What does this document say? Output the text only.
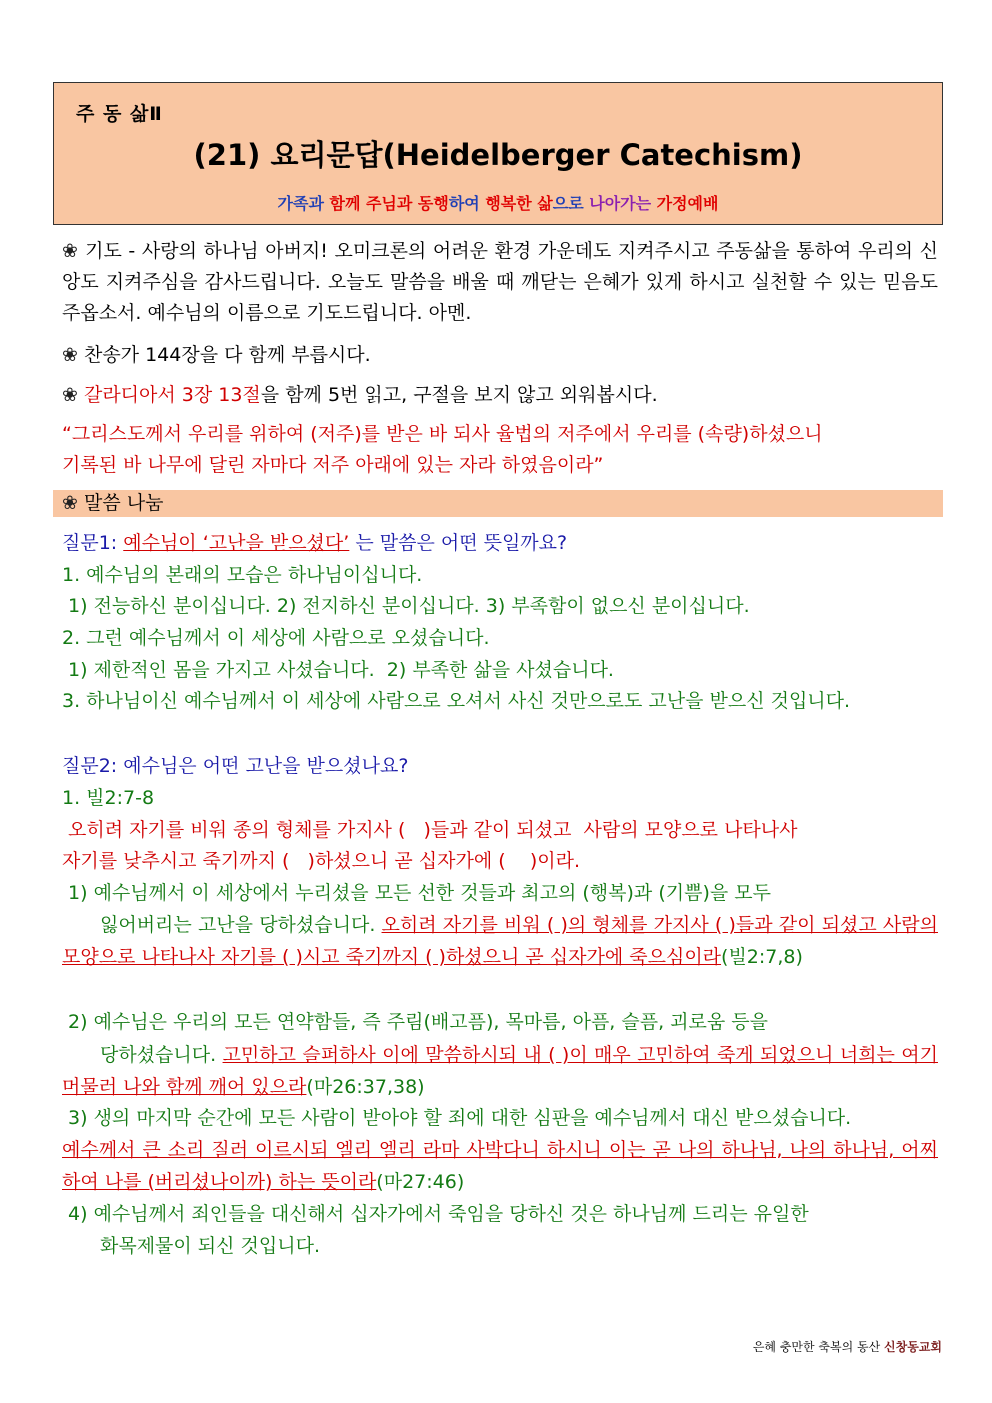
주 동 삶Ⅱ
(21) 요리문답(Heidelberger Catechism)
가족과 함께 주님과 동행하여 행복한 삶으로 나아가는 가정예배
❀ 기도 - 사랑의 하나님 아버지! 오미크론의 어려운 환경 가운데도 지켜주시고 주동삶을 통하여 우리의 신앙도 지켜주심을 감사드립니다. 오늘도 말씀을 배울 때 깨닫는 은혜가 있게 하시고 실천할 수 있는 믿음도 주옵소서. 예수님의 이름으로 기도드립니다. 아멘.
❀ 찬송가 144장을 다 함께 부릅시다.
❀ 갈라디아서 3장 13절을 함께 5번 읽고, 구절을 보지 않고 외워봅시다.
“그리스도께서 우리를 위하여 (저주)를 받은 바 되사 율법의 저주에서 우리를 (속량)하셨으니
기록된 바 나무에 달린 자마다 저주 아래에 있는 자라 하였음이라”
❀ 말씀 나눔
질문1: 예수님이 ‘고난을 받으셨다’ 는 말씀은 어떤 뜻일까요?
1. 예수님의 본래의 모습은 하나님이십니다.
1) 전능하신 분이십니다. 2) 전지하신 분이십니다. 3) 부족함이 없으신 분이십니다.
2. 그런 예수님께서 이 세상에 사람으로 오셨습니다.
1) 제한적인 몸을 가지고 사셨습니다.  2) 부족한 삶을 사셨습니다.
3. 하나님이신 예수님께서 이 세상에 사람으로 오셔서 사신 것만으로도 고난을 받으신 것입니다.
질문2: 예수님은 어떤 고난을 받으셨나요?
1. 빌2:7-8
오히려 자기를 비워 종의 형체를 가지사 (   )들과 같이 되셨고  사람의 모양으로 나타나사
자기를 낮추시고 죽기까지 (   )하셨으니 곧 십자가에 (    )이라.
1) 예수님께서 이 세상에서 누리셨을 모든 선한 것들과 최고의 (행복)과 (기쁨)을 모두
잃어버리는 고난을 당하셨습니다. 오히려 자기를 비워 ( )의 형체를 가지사 ( )들과 같이 되셨고 사람의 모양으로 나타나사 자기를 ( )시고 죽기까지 ( )하셨으니 곧 십자가에 죽으심이라(빌2:7,8)
2) 예수님은 우리의 모든 연약함들, 즉 주림(배고픔), 목마름, 아픔, 슬픔, 괴로움 등을
당하셨습니다. 고민하고 슬퍼하사 이에 말씀하시되 내 ( )이 매우 고민하여 죽게 되었으니 너희는 여기 머물러 나와 함께 깨어 있으라(마26:37,38)
3) 생의 마지막 순간에 모든 사람이 받아야 할 죄에 대한 심판을 예수님께서 대신 받으셨습니다.
예수께서 큰 소리 질러 이르시되 엘리 엘리 라마 사박다니 하시니 이는 곧 나의 하나님, 나의 하나님, 어찌하여 나를 (버리셨나이까) 하는 뜻이라(마27:46)
4) 예수님께서 죄인들을 대신해서 십자가에서 죽임을 당하신 것은 하나님께 드리는 유일한
화목제물이 되신 것입니다.
은혜 충만한 축복의 동산 신창동교회
